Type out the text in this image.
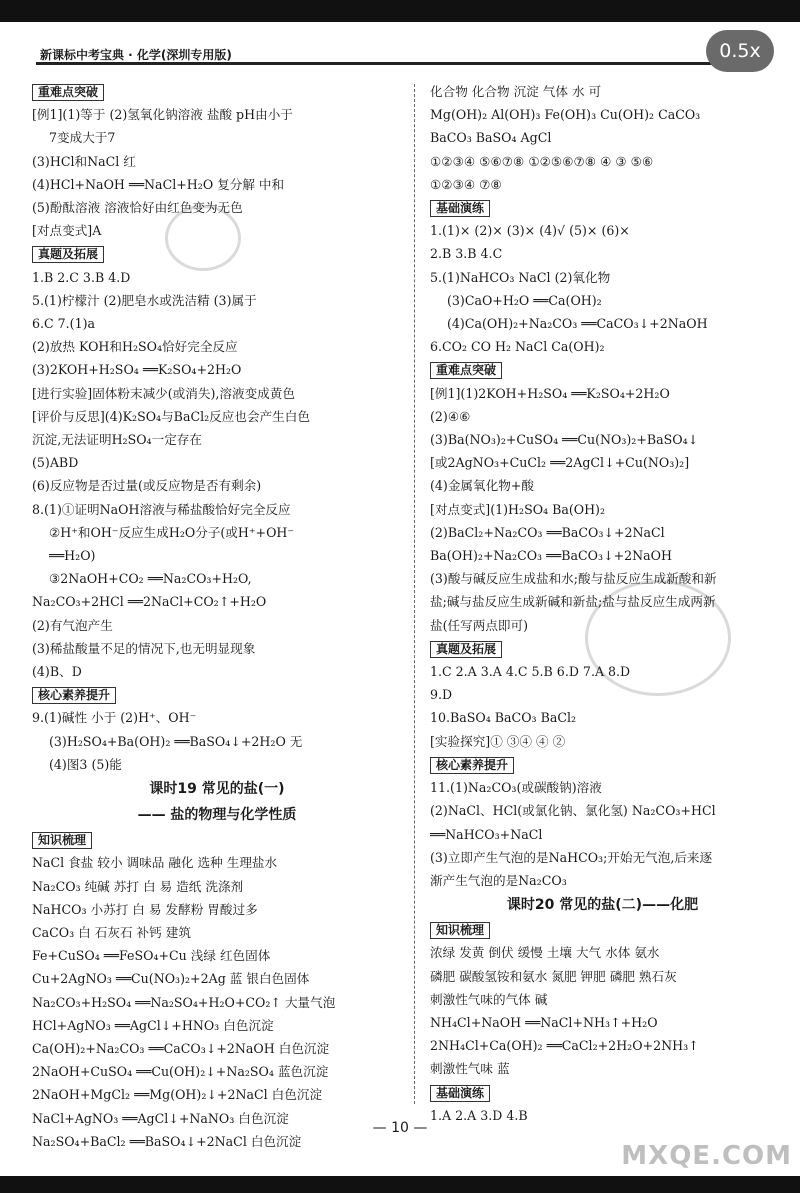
新课标中考宝典 · 化学(深圳专用版)	0.5x
重难点突破
[例1](1)等于 (2)氢氧化钠溶液 盐酸 pH由小于
7变成大于7
(3)HCl和NaCl 红
(4)HCl+NaOH ══NaCl+H₂O 复分解 中和
(5)酚酞溶液 溶液恰好由红色变为无色
[对点变式]A
真题及拓展
1.B 2.C 3.B 4.D
5.(1)柠檬汁 (2)肥皂水或洗洁精 (3)属于
6.C 7.(1)a
(2)放热 KOH和H₂SO₄恰好完全反应
(3)2KOH+H₂SO₄ ══K₂SO₄+2H₂O
[进行实验]固体粉末减少(或消失),溶液变成黄色
[评价与反思](4)K₂SO₄与BaCl₂反应也会产生白色
沉淀,无法证明H₂SO₄一定存在
(5)ABD
(6)反应物是否过量(或反应物是否有剩余)
8.(1)①证明NaOH溶液与稀盐酸恰好完全反应
②H⁺和OH⁻反应生成H₂O分子(或H⁺+OH⁻
══H₂O)
③2NaOH+CO₂ ══Na₂CO₃+H₂O,
Na₂CO₃+2HCl ══2NaCl+CO₂↑+H₂O
(2)有气泡产生
(3)稀盐酸量不足的情况下,也无明显现象
(4)B、D
核心素养提升
9.(1)碱性 小于 (2)H⁺、OH⁻
(3)H₂SO₄+Ba(OH)₂ ══BaSO₄↓+2H₂O 无
(4)图3 (5)能
课时19 常见的盐(一)
—— 盐的物理与化学性质
知识梳理
NaCl 食盐 较小 调味品 融化 选种 生理盐水
Na₂CO₃ 纯碱 苏打 白 易 造纸 洗涤剂
NaHCO₃ 小苏打 白 易 发酵粉 胃酸过多
CaCO₃ 白 石灰石 补钙 建筑
Fe+CuSO₄ ══FeSO₄+Cu 浅绿 红色固体
Cu+2AgNO₃ ══Cu(NO₃)₂+2Ag 蓝 银白色固体
Na₂CO₃+H₂SO₄ ══Na₂SO₄+H₂O+CO₂↑ 大量气泡
HCl+AgNO₃ ══AgCl↓+HNO₃ 白色沉淀
Ca(OH)₂+Na₂CO₃ ══CaCO₃↓+2NaOH 白色沉淀
2NaOH+CuSO₄ ══Cu(OH)₂↓+Na₂SO₄ 蓝色沉淀
2NaOH+MgCl₂ ══Mg(OH)₂↓+2NaCl 白色沉淀
NaCl+AgNO₃ ══AgCl↓+NaNO₃ 白色沉淀
Na₂SO₄+BaCl₂ ══BaSO₄↓+2NaCl 白色沉淀
化合物 化合物 沉淀 气体 水 可
Mg(OH)₂ Al(OH)₃ Fe(OH)₃ Cu(OH)₂ CaCO₃
BaCO₃ BaSO₄ AgCl
①②③④ ⑤⑥⑦⑧ ①②⑤⑥⑦⑧ ④ ③ ⑤⑥
①②③④ ⑦⑧
基础演练
1.(1)× (2)× (3)× (4)√ (5)× (6)×
2.B 3.B 4.C
5.(1)NaHCO₃ NaCl (2)氧化物
(3)CaO+H₂O ══Ca(OH)₂
(4)Ca(OH)₂+Na₂CO₃ ══CaCO₃↓+2NaOH
6.CO₂ CO H₂ NaCl Ca(OH)₂
重难点突破
[例1](1)2KOH+H₂SO₄ ══K₂SO₄+2H₂O
(2)④⑥
(3)Ba(NO₃)₂+CuSO₄ ══Cu(NO₃)₂+BaSO₄↓
[或2AgNO₃+CuCl₂ ══2AgCl↓+Cu(NO₃)₂]
(4)金属氧化物+酸
[对点变式](1)H₂SO₄ Ba(OH)₂
(2)BaCl₂+Na₂CO₃ ══BaCO₃↓+2NaCl
Ba(OH)₂+Na₂CO₃ ══BaCO₃↓+2NaOH
(3)酸与碱反应生成盐和水;酸与盐反应生成新酸和新
盐;碱与盐反应生成新碱和新盐;盐与盐反应生成两新
盐(任写两点即可)
真题及拓展
1.C 2.A 3.A 4.C 5.B 6.D 7.A 8.D
9.D
10.BaSO₄ BaCO₃ BaCl₂
[实验探究]① ③④ ④ ②
核心素养提升
11.(1)Na₂CO₃(或碳酸钠)溶液
(2)NaCl、HCl(或氯化钠、氯化氢) Na₂CO₃+HCl
══NaHCO₃+NaCl
(3)立即产生气泡的是NaHCO₃;开始无气泡,后来逐
渐产生气泡的是Na₂CO₃
课时20 常见的盐(二)——化肥
知识梳理
浓绿 发黄 倒伏 缓慢 土壤 大气 水体 氨水
磷肥 碳酸氢铵和氨水 氮肥 钾肥 磷肥 熟石灰
刺激性气味的气体 碱
NH₄Cl+NaOH ══NaCl+NH₃↑+H₂O
2NH₄Cl+Ca(OH)₂ ══CaCl₂+2H₂O+2NH₃↑
刺激性气味 蓝
基础演练
1.A 2.A 3.D 4.B
— 10 —
MXQE.COM
